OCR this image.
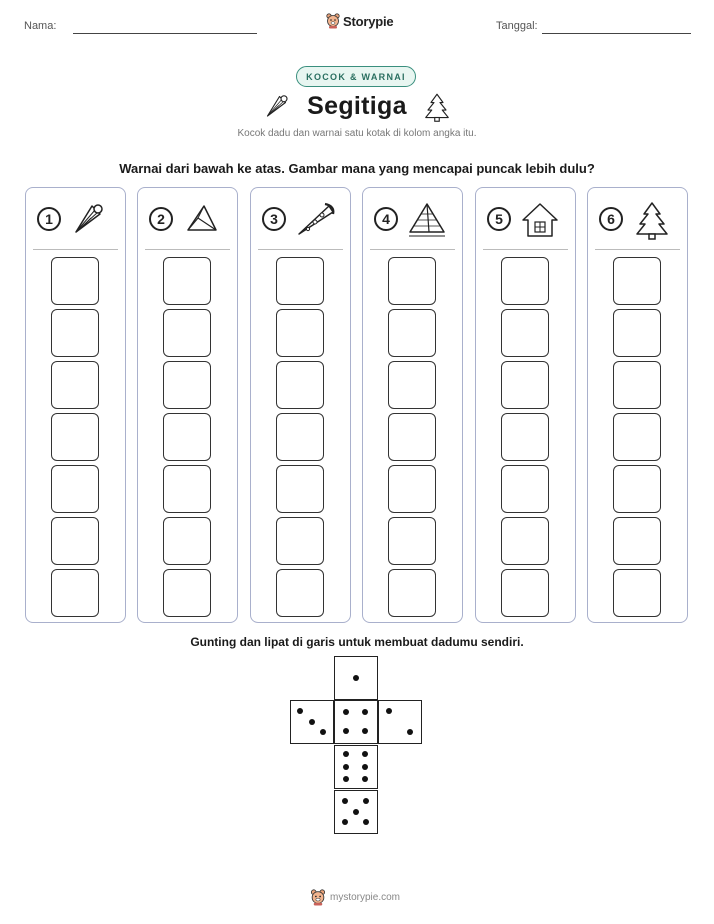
Nama:	Storypie	Tanggal:
KOCOK & WARNAI
Segitiga
Kocok dadu dan warnai satu kotak di kolom angka itu.
Warnai dari bawah ke atas. Gambar mana yang mencapai puncak lebih dulu?
1	2	3	4	5	6
Gunting dan lipat di garis untuk membuat dadumu sendiri.
mystorypie.com
